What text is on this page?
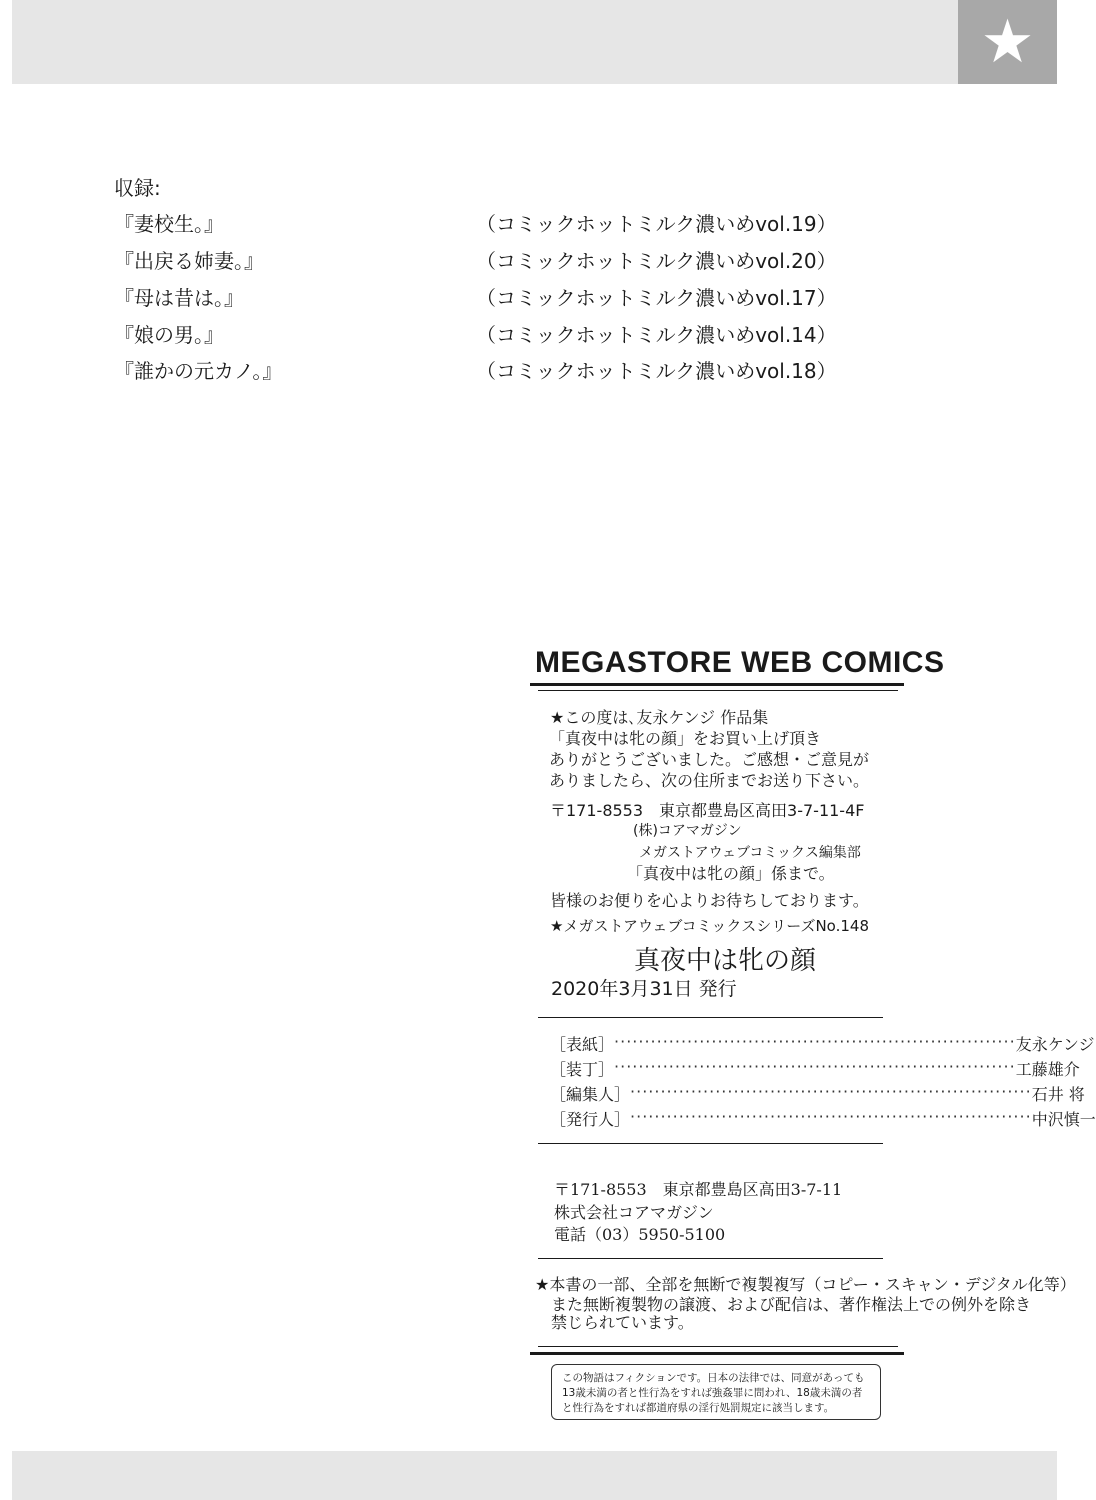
★
収録:
『妻校生。』	（コミックホットミルク濃いめvol.19）
『出戻る姉妻。』	（コミックホットミルク濃いめvol.20）
『母は昔は。』	（コミックホットミルク濃いめvol.17）
『娘の男。』	（コミックホットミルク濃いめvol.14）
『誰かの元カノ。』	（コミックホットミルク濃いめvol.18）
MEGASTORE WEB COMICS
★この度は､友永ケンジ 作品集
「真夜中は牝の顔」をお買い上げ頂き
ありがとうございました。ご感想・ご意見が
ありましたら、次の住所までお送り下さい。
〒171-8553　東京都豊島区高田3-7-11-4F
(株)コアマガジン
メガストアウェブコミックス編集部
「真夜中は牝の顔」係まで。
皆様のお便りを心よりお待ちしております。
★メガストアウェブコミックスシリーズNo.148
真夜中は牝の顔
2020年3月31日 発行
［表紙］ ·································································· 友永ケンジ
［装丁］ ·································································· 工藤雄介
［編集人］ ·································································· 石井 将
［発行人］ ·································································· 中沢慎一
〒171-8553　東京都豊島区高田3-7-11
株式会社コアマガジン
電話（03）5950-5100
★本書の一部、全部を無断で複製複写（コピー・スキャン・デジタル化等）
また無断複製物の譲渡、および配信は、著作権法上での例外を除き
禁じられています。
この物語はフィクションです。日本の法律では、同意があっても
13歳未満の者と性行為をすれば強姦罪に問われ、18歳未満の者
と性行為をすれば都道府県の淫行処罰規定に該当します。
